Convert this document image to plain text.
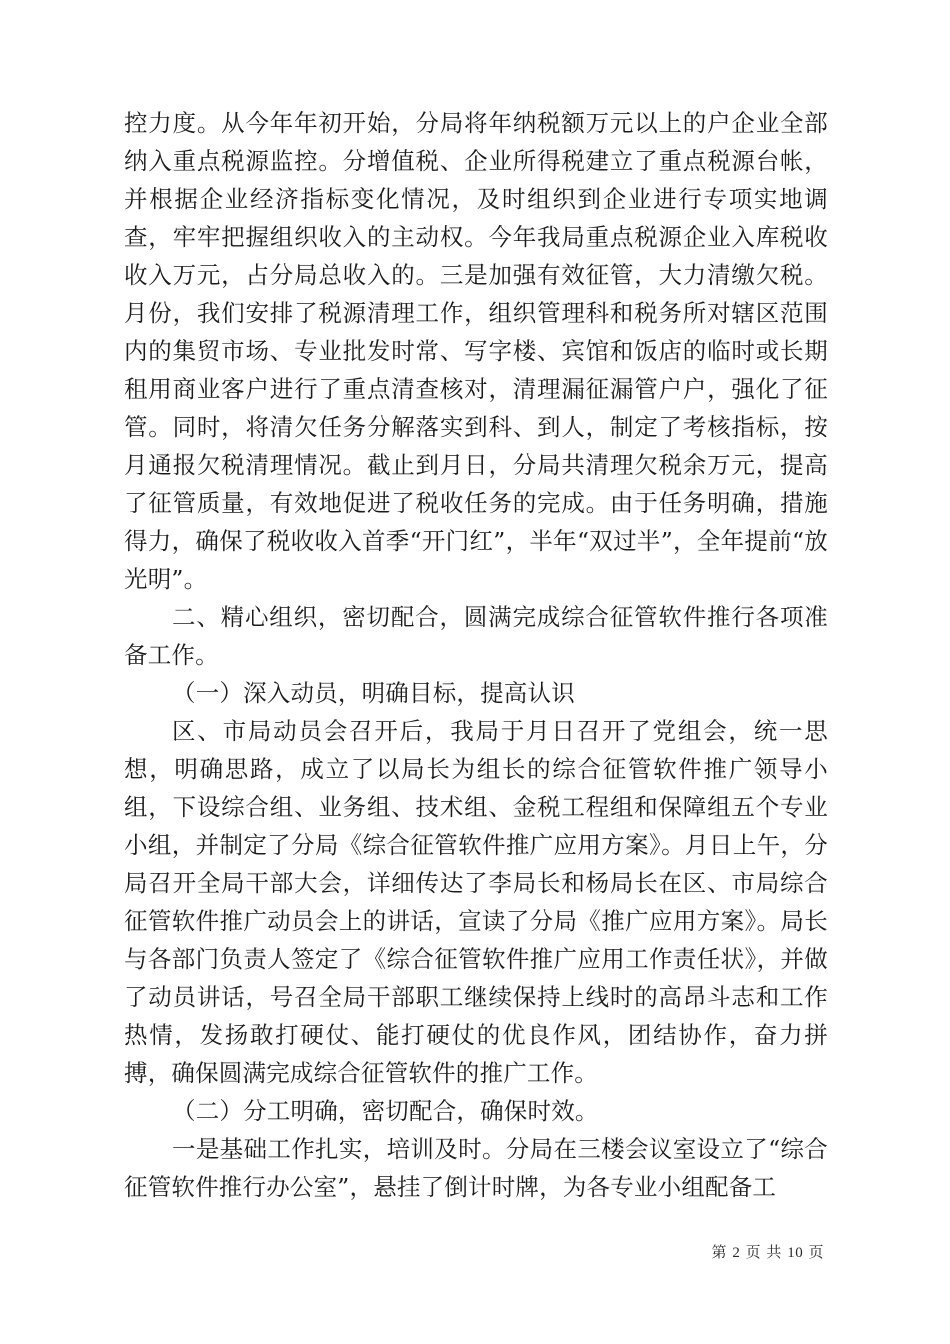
控力度。从今年年初开始，分局将年纳税额万元以上的户企业全部纳入重点税源监控。分增值税、企业所得税建立了重点税源台帐，并根据企业经济指标变化情况，及时组织到企业进行专项实地调查，牢牢把握组织收入的主动权。今年我局重点税源企业入库税收收入万元，占分局总收入的。三是加强有效征管，大力清缴欠税。月份，我们安排了税源清理工作，组织管理科和税务所对辖区范围内的集贸市场、专业批发时常、写字楼、宾馆和饭店的临时或长期租用商业客户进行了重点清查核对，清理漏征漏管户户，强化了征管。同时，将清欠任务分解落实到科、到人，制定了考核指标，按月通报欠税清理情况。截止到月日，分局共清理欠税余万元，提高了征管质量，有效地促进了税收任务的完成。由于任务明确，措施得力，确保了税收收入首季“开门红”，半年“双过半”，全年提前“放光明”。

二、精心组织，密切配合，圆满完成综合征管软件推行各项准备工作。

（一）深入动员，明确目标，提高认识

区、市局动员会召开后，我局于月日召开了党组会，统一思想，明确思路，成立了以局长为组长的综合征管软件推广领导小组，下设综合组、业务组、技术组、金税工程组和保障组五个专业小组，并制定了分局《综合征管软件推广应用方案》。月日上午，分局召开全局干部大会，详细传达了李局长和杨局长在区、市局综合征管软件推广动员会上的讲话，宣读了分局《推广应用方案》。局长与各部门负责人签定了《综合征管软件推广应用工作责任状》，并做了动员讲话，号召全局干部职工继续保持上线时的高昂斗志和工作热情，发扬敢打硬仗、能打硬仗的优良作风，团结协作，奋力拼搏，确保圆满完成综合征管软件的推广工作。

（二）分工明确，密切配合，确保时效。

一是基础工作扎实，培训及时。分局在三楼会议室设立了“综合征管软件推行办公室”，悬挂了倒计时牌，为各专业小组配备工

第 2 页 共 10 页
